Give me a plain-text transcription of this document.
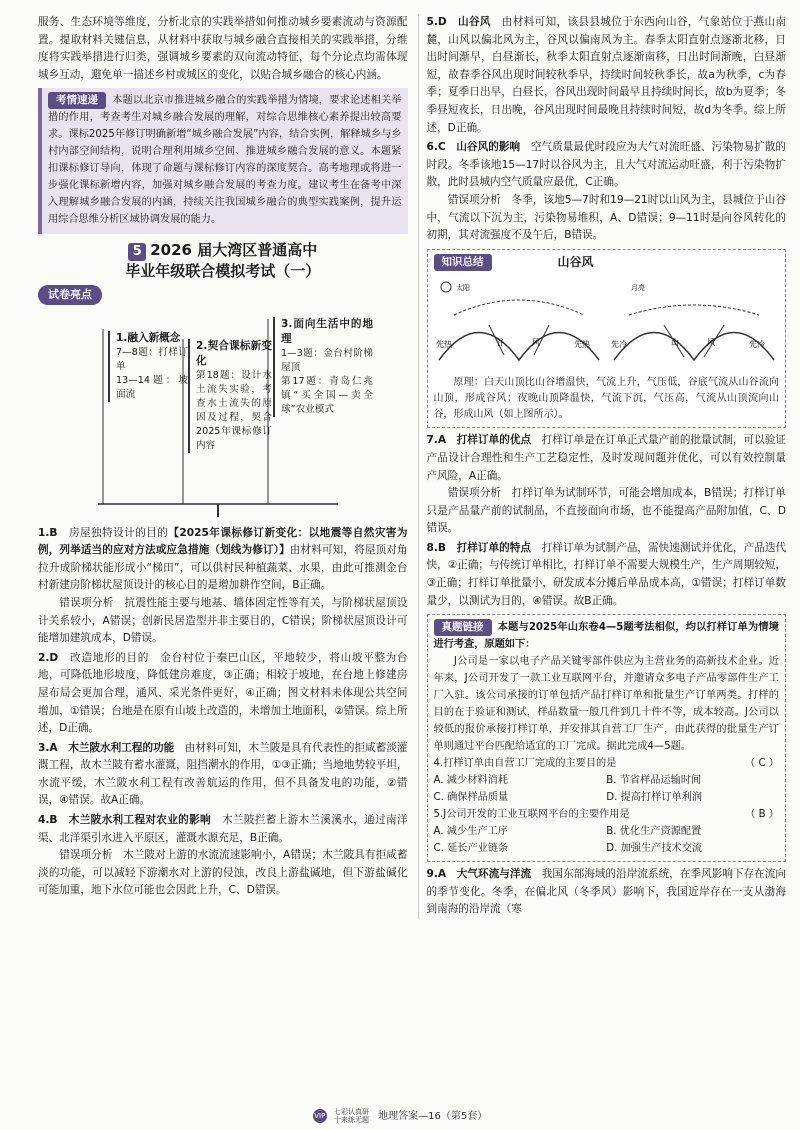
服务、生态环境等维度，分析北京的实践举措如何推动城乡要素流动与资源配置。提取材料关键信息，从材料中获取与城乡融合直接相关的实践举措，分维度将实践举措进行归类，强调城乡要素的双向流动特征，每个分论点均需体现城乡互动，避免单一描述乡村或城区的变化，以贴合城乡融合的核心内涵。

考情速递 本题以北京市推进城乡融合的实践举措为情境，要求论述相关举措的作用，考查考生对城乡融合发展的理解，对综合思维核心素养提出较高要求。课标2025年修订明确新增“城乡融合发展”内容，结合实例，解释城乡与乡村内部空间结构，说明合理利用城乡空间、推进城乡融合发展的意义。本题紧扣课标修订导向，体现了命题与课标修订内容的深度契合。高考地理或将进一步强化课标新增内容，加强对城乡融合发展的考查力度。建议考生在备考中深入理解城乡融合发展的内涵，持续关注我国城乡融合的典型实践案例，提升运用综合思维分析区域协调发展的能力。
5 2026 届大湾区普通高中
毕业年级联合模拟考试（一）
试卷亮点
1.融入新概念
7—8题：打样订单
13—14题：坡面流
2.契合课标新变化
第18题：设计水土流失实验，考查水土流失的原因及过程，契合2025年课标修订内容
3.面向生活中的地理
1—3题：金台村阶梯屋顶
第17题：青岛仁兆镇“买全国—卖全球”农业模式

1.B　 房屋独特设计的目的【2025年课标修订新变化：以地震等自然灾害为例，列举适当的应对方法或应急措施（划线为修订）】由材料可知，将屋顶对角拉升成阶梯状能形成小“梯田”，可以供村民种植蔬菜、水果，由此可推测金台村新建房阶梯状屋顶设计的核心目的是增加耕作空间，B正确。

错误项分析　抗震性能主要与地基、墙体固定性等有关，与阶梯状屋顶设计关系较小，A错误；创新民居造型并非主要目的，C错误；阶梯状屋顶设计可能增加建筑成本，D错误。

2.D　 改造地形的目的　 金台村位于秦巴山区，平地较少，将山坡平整为台地，可降低地形坡度，降低建房难度，③正确；相较于坡地，在台地上修建房屋布局会更加合理，通风、采光条件更好，④正确；图文材料未体现公共空间增加，①错误；台地是在原有山坡上改造的，未增加土地面积，②错误。综上所述，D正确。

3.A　 木兰陂水利工程的功能　 由材料可知，木兰陂是具有代表性的拒咸蓄淡灌溉工程，故木兰陂有蓄水灌溉，阻挡潮水的作用，①③正确；当地地势较平坦，水流平缓，木兰陂水利工程有改善航运的作用，但不具备发电的功能，②错误，④错误。故A正确。

4.B　 木兰陂水利工程对农业的影响　 木兰陂拦蓄上游木兰溪溪水，通过南洋渠、北洋渠引水进入平原区，灌溉水源充足，B正确。

错误项分析　木兰陂对上游的水流流速影响小，A错误；木兰陂具有拒咸蓄淡的功能，可以减轻下游潮水对上游的侵蚀，改良上游盐碱地，但下游盐碱化可能加重，地下水位可能也会因此上升，C、D错误。

5.D　 山谷风　 由材料可知，该县县城位于东西向山谷，气象站位于燕山南麓，山风以偏北风为主，谷风以偏南风为主。春季太阳直射点逐渐北移，日出时间渐早，白昼渐长，秋季太阳直射点逐渐南移，日出时间渐晚，白昼渐短，故春季谷风出现时间较秋季早，持续时间较秋季长，故a为秋季，c为春季；夏季日出早，白昼长，谷风出现时间最早且持续时间长，故b为夏季；冬季昼短夜长，日出晚，谷风出现时间最晚且持续时间短，故d为冬季。综上所述，D正确。

6.C　 山谷风的影响　 空气质量最优时段应为大气对流旺盛、污染物易扩散的时段。冬季该地15—17时以谷风为主，且大气对流运动旺盛，利于污染物扩散，此时县城内空气质量应最优，C正确。

错误项分析　冬季，该地5—7时和19—21时以山风为主，县城位于山谷中，气流以下沉为主，污染物易堆积，A、D错误；9—11时是向谷风转化的初期，其对流强度不及午后，B错误。

知识总结	山谷风
太阳
先热	先热
谷	风
月亮
先冷	先冷
山	风

原理：白天山顶比山谷增温快，气流上升，气压低，谷底气流从山谷流向山顶，形成谷风；夜晚山顶降温快，气流下沉，气压高，气流从山顶流向山谷，形成山风（如上图所示）。

7.A　 打样订单的优点　 打样订单是在订单正式量产前的批量试制，可以验证产品设计合理性和生产工艺稳定性，及时发现问题并优化，可以有效控制量产风险，A正确。

错误项分析　打样订单为试制环节，可能会增加成本，B错误；打样订单只是产品量产前的试制品，不直接面向市场，也不能提高产品附加值，C、D错误。

8.B　 打样订单的特点　 打样订单为试制产品，需快速测试并优化，产品迭代快，②正确；与传统订单相比，打样订单不需要大规模生产，生产周期较短，③正确；打样订单批量小，研发成本分摊后单品成本高，①错误；打样订单数量少，以测试为目的，④错误。故B正确。

真题链接 本题与2025年山东卷4—5题考法相似，均以打样订单为情境进行考查，原题如下：

J公司是一家以电子产品关键零部件供应为主营业务的高新技术企业。近年来，J公司开发了一款工业互联网平台，并邀请众多电子产品零部件生产工厂入驻。该公司承接的订单包括产品打样订单和批量生产订单两类。打样的目的在于验证和测试，样品数量一般几件到几十件不等，成本较高。J公司以较低的报价承接打样订单，并安排其自营工厂生产，由此获得的批量生产订单则通过平台匹配给适宜的工厂完成。据此完成4—5题。

4.打样订单由自营工厂完成的主要目的是	（ C ）

A. 减少材料消耗	B. 节省样品运输时间

C. 确保样品质量	D. 提高打样订单利润

5.J公司开发的工业互联网平台的主要作用是	（ B ）

A. 减少生产工序	B. 优化生产资源配置

C. 延长产业链条	D. 加强生产技术交流

9.A　 大气环流与洋流　 我国东部海域的沿岸流系统，在季风影响下存在流向的季节变化。冬季，在偏北风（冬季风）影响下，我国近岸存在一支从渤海到南海的沿岸流（寒

VIP 七彩认真研
十来练无题 地理答案—16（第5套）
